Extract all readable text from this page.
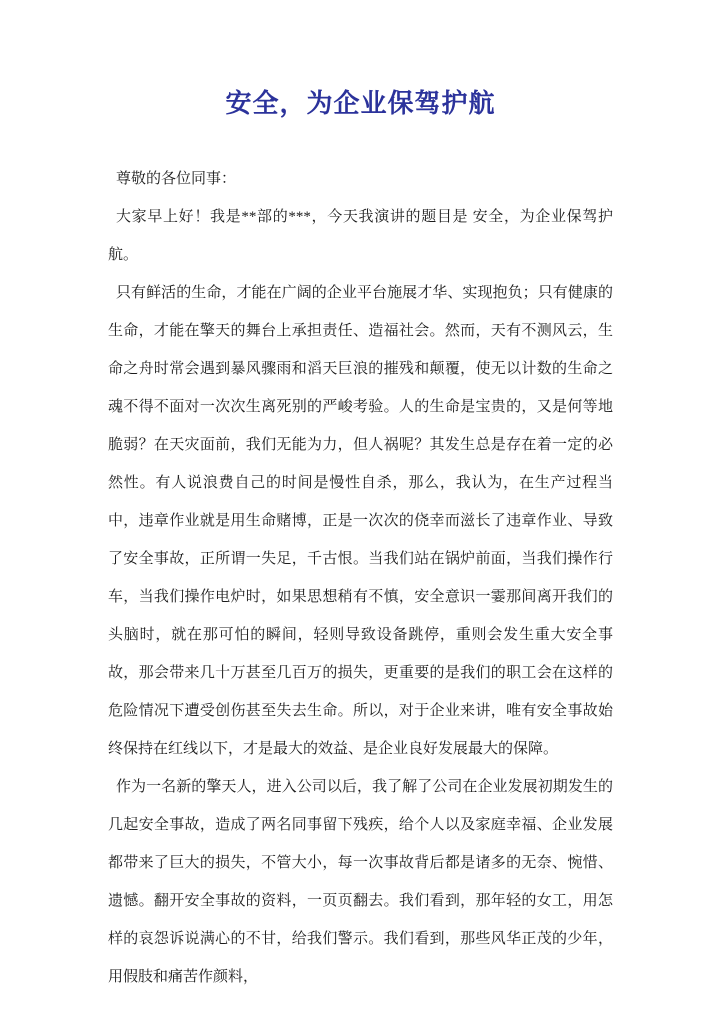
安全，为企业保驾护航

尊敬的各位同事：

大家早上好！我是**部的***，今天我演讲的题目是 安全，为企业保驾护航。

只有鲜活的生命，才能在广阔的企业平台施展才华、实现抱负；只有健康的生命，才能在擎天的舞台上承担责任、造福社会。然而，天有不测风云，生命之舟时常会遇到暴风骤雨和滔天巨浪的摧残和颠覆，使无以计数的生命之魂不得不面对一次次生离死别的严峻考验。人的生命是宝贵的，又是何等地脆弱？在天灾面前，我们无能为力，但人祸呢？其发生总是存在着一定的必然性。有人说浪费自己的时间是慢性自杀，那么，我认为，在生产过程当中，违章作业就是用生命赌博，正是一次次的侥幸而滋长了违章作业、导致了安全事故，正所谓一失足，千古恨。当我们站在锅炉前面，当我们操作行车，当我们操作电炉时，如果思想稍有不慎，安全意识一霎那间离开我们的头脑时，就在那可怕的瞬间，轻则导致设备跳停，重则会发生重大安全事故，那会带来几十万甚至几百万的损失，更重要的是我们的职工会在这样的危险情况下遭受创伤甚至失去生命。所以，对于企业来讲，唯有安全事故始终保持在红线以下，才是最大的效益、是企业良好发展最大的保障。

作为一名新的擎天人，进入公司以后，我了解了公司在企业发展初期发生的几起安全事故，造成了两名同事留下残疾，给个人以及家庭幸福、企业发展都带来了巨大的损失，不管大小，每一次事故背后都是诸多的无奈、惋惜、遗憾。翻开安全事故的资料，一页页翻去。我们看到，那年轻的女工，用怎样的哀怨诉说满心的不甘，给我们警示。我们看到，那些风华正茂的少年，用假肢和痛苦作颜料，
